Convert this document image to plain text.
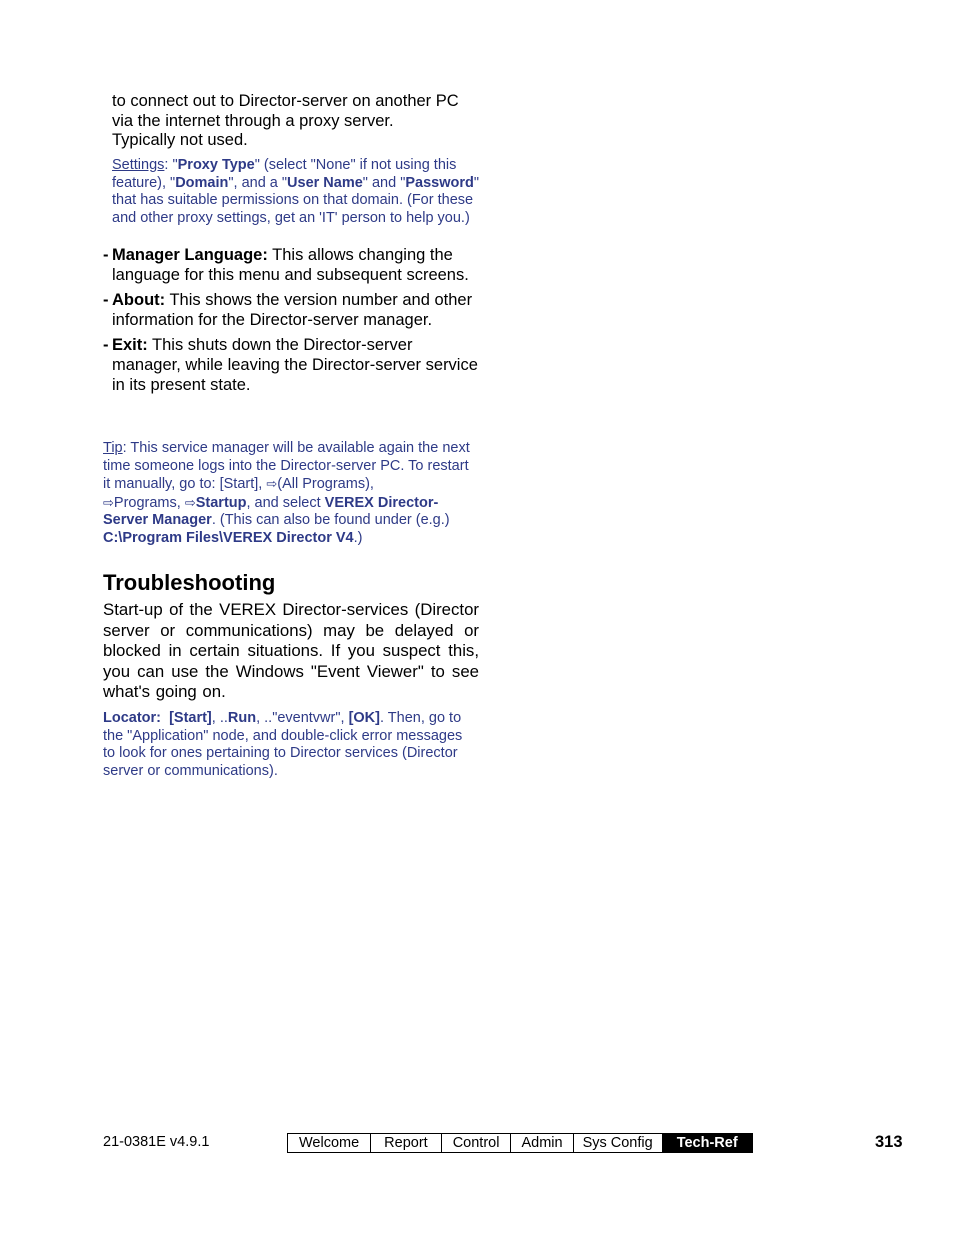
to connect out to Director-server on another PC
via the internet through a proxy server.
Typically not used.

Settings: "Proxy Type" (select "None" if not using this feature), "Domain", and a "User Name" and "Password" that has suitable permissions on that domain. (For these and other proxy settings, get an 'IT' person to help you.)

- Manager Language: This allows changing the language for this menu and subsequent screens.
- About: This shows the version number and other information for the Director-server manager.
- Exit: This shuts down the Director-server manager, while leaving the Director-server service in its present state.

Tip: This service manager will be available again the next time someone logs into the Director-server PC. To restart it manually, go to: [Start], ⇨(All Programs),
⇨Programs, ⇨Startup, and select VEREX Director-Server Manager. (This can also be found under (e.g.) C:\Program Files\VEREX Director V4.)

Troubleshooting

Start-up of the VEREX Director-services (Director server or communications) may be delayed or blocked in certain situations. If you suspect this, you can use the Windows "Event Viewer" to see what's going on.

Locator: [Start], ..Run, .."eventvwr", [OK]. Then, go to the "Application" node, and double-click error messages to look for ones pertaining to Director services (Director server or communications).

21-0381E v4.9.1	Welcome	Report	Control	Admin	Sys Config	Tech-Ref	313
